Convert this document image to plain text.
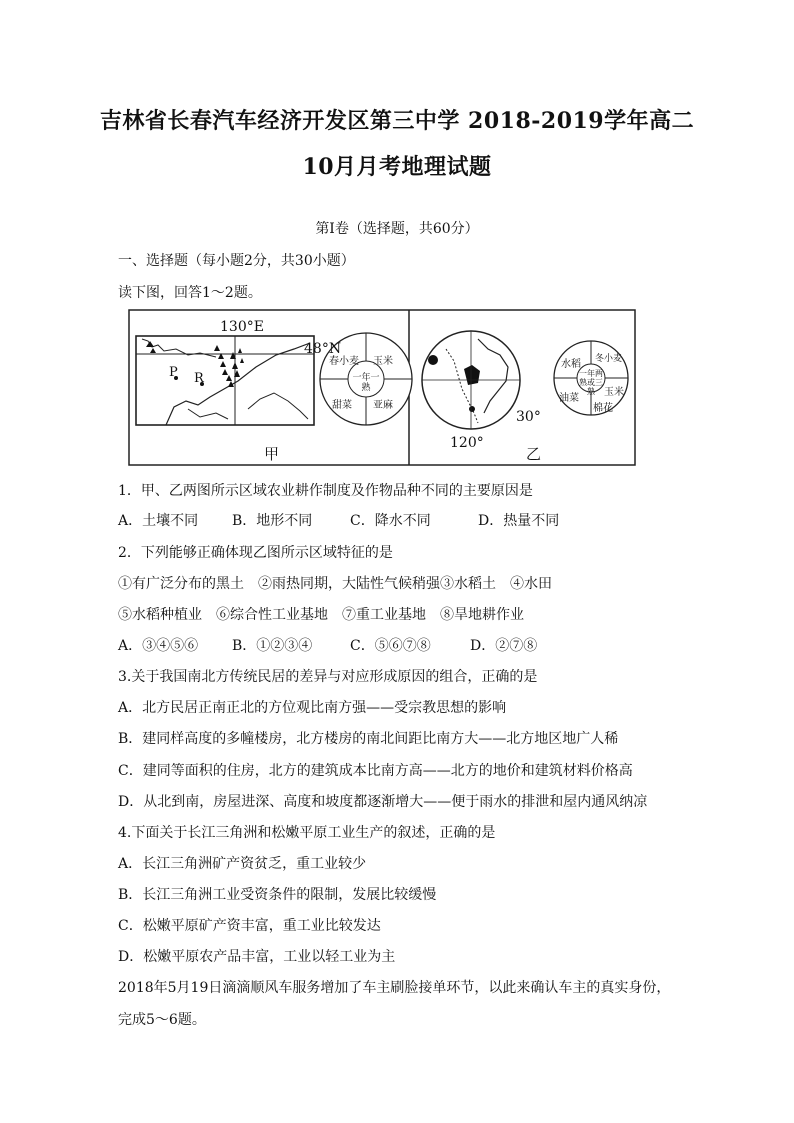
吉林省长春汽车经济开发区第三中学 2018-2019学年高二
10月月考地理试题
第Ⅰ卷（选择题，共60分）
一、选择题（每小题2分，共30小题）
读下图，回答1～2题。
130°E
48°N
P R
甲
春小麦 玉米
亚麻
甜菜
一年一熟
30°
120°
乙
水稻 冬小麦
玉米
棉花
油菜
一年两熟或三熟
1．甲、乙两图所示区域农业耕作制度及作物品种不同的主要原因是
A．土壤不同 B．地形不同	C．降水不同	D．热量不同
2．下列能够正确体现乙图所示区域特征的是
①有广泛分布的黑土　②雨热同期，大陆性气候稍强③水稻土　④水田
⑤水稻种植业　⑥综合性工业基地　⑦重工业基地　⑧旱地耕作业
A．③④⑤⑥ B．①②③④	C．⑤⑥⑦⑧	D．②⑦⑧
3.关于我国南北方传统民居的差异与对应形成原因的组合，正确的是
A．北方民居正南正北的方位观比南方强——受宗教思想的影响
B．建同样高度的多幢楼房，北方楼房的南北间距比南方大——北方地区地广人稀
C．建同等面积的住房，北方的建筑成本比南方高——北方的地价和建筑材料价格高
D．从北到南，房屋进深、高度和坡度都逐渐增大——便于雨水的排泄和屋内通风纳凉
4.下面关于长江三角洲和松嫩平原工业生产的叙述，正确的是
A．长江三角洲矿产资贫乏，重工业较少
B．长江三角洲工业受资条件的限制，发展比较缓慢
C．松嫩平原矿产资丰富，重工业比较发达
D．松嫩平原农产品丰富，工业以轻工业为主
2018年5月19日滴滴顺风车服务增加了车主刷脸接单环节，以此来确认车主的真实身份，
完成5～6题。
